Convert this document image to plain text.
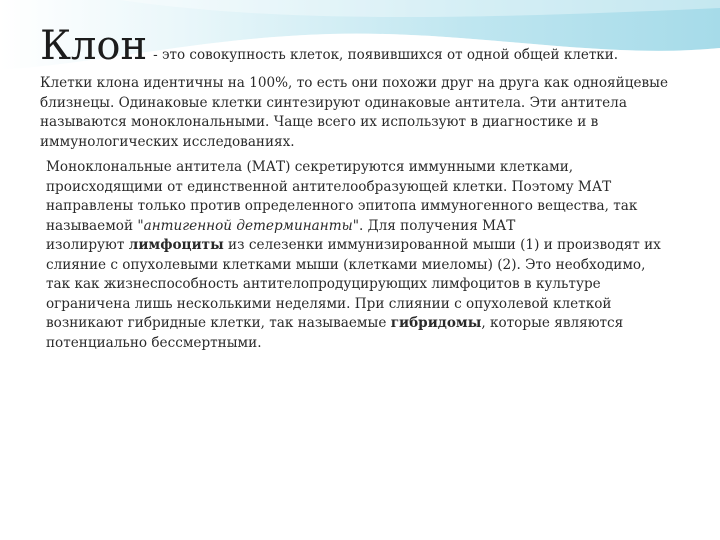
Клон - это совокупность клеток, появившихся от одной общей клетки.
Клетки клона идентичны на 100%, то есть они похожи друг на друга как однояйцевые
близнецы. Одинаковые клетки синтезируют одинаковые антитела. Эти антитела
называются моноклональными. Чаще всего их используют в диагностике и в
иммунологических исследованиях.
Моноклональные антитела (МАТ) секретируются иммунными клетками,
происходящими от единственной антителообразующей клетки. Поэтому МАТ
направлены только против определенного эпитопа иммуногенного вещества, так
называемой "антигенной детерминанты". Для получения МАТ
изолируют лимфоциты из селезенки иммунизированной мыши (1) и производят их
слияние с опухолевыми клетками мыши (клетками миеломы) (2). Это необходимо,
так как жизнеспособность антителопродуцирующих лимфоцитов в культуре
ограничена лишь несколькими неделями. При слиянии с опухолевой клеткой
возникают гибридные клетки, так называемые гибридомы, которые являются
потенциально бессмертными.
